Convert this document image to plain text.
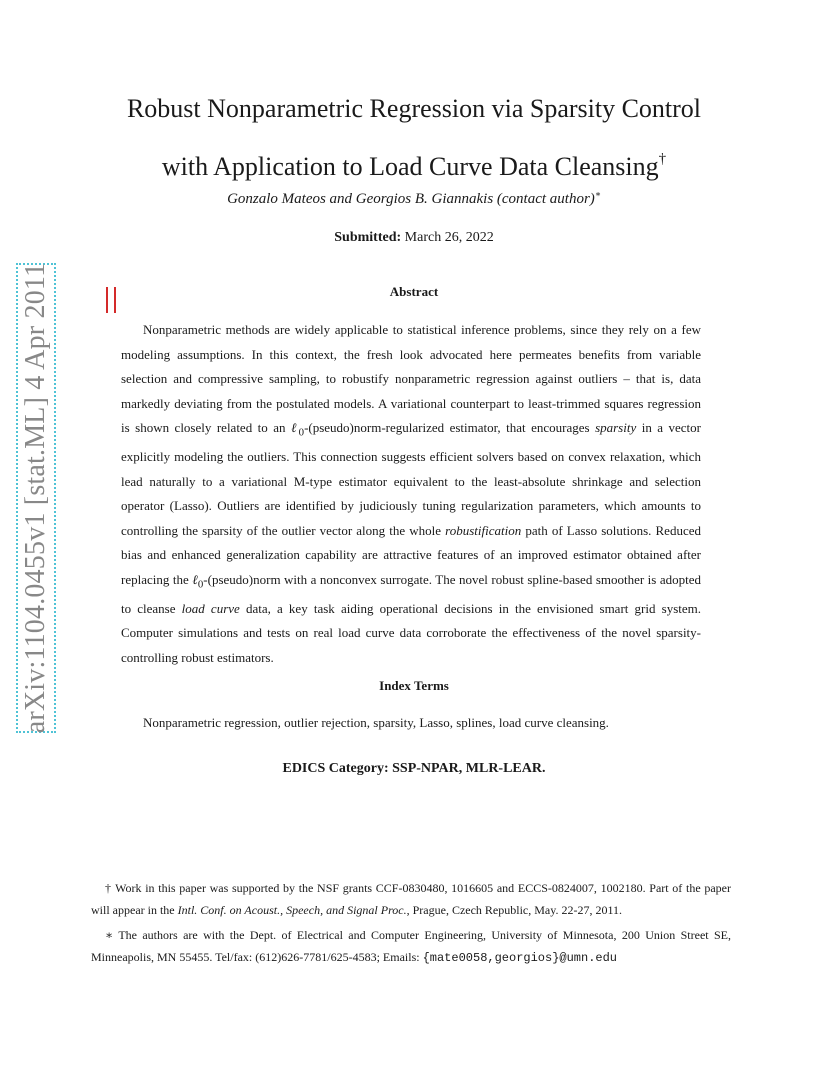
arXiv:1104.0455v1 [stat.ML] 4 Apr 2011
Robust Nonparametric Regression via Sparsity Control
with Application to Load Curve Data Cleansing†
Gonzalo Mateos and Georgios B. Giannakis (contact author)∗
Submitted: March 26, 2022
Abstract

Nonparametric methods are widely applicable to statistical inference problems, since they rely on a few modeling assumptions. In this context, the fresh look advocated here permeates benefits from variable selection and compressive sampling, to robustify nonparametric regression against outliers – that is, data markedly deviating from the postulated models. A variational counterpart to least-trimmed squares regression is shown closely related to an ℓ$_0$-(pseudo)norm-regularized estimator, that encourages sparsity in a vector explicitly modeling the outliers. This connection suggests efficient solvers based on convex relaxation, which lead naturally to a variational M-type estimator equivalent to the least-absolute shrinkage and selection operator (Lasso). Outliers are identified by judiciously tuning regularization parameters, which amounts to controlling the sparsity of the outlier vector along the whole robustification path of Lasso solutions. Reduced bias and enhanced generalization capability are attractive features of an improved estimator obtained after replacing the ℓ$_0$-(pseudo)norm with a nonconvex surrogate. The novel robust spline-based smoother is adopted to cleanse load curve data, a key task aiding operational decisions in the envisioned smart grid system. Computer simulations and tests on real load curve data corroborate the effectiveness of the novel sparsity-controlling robust estimators.

Index Terms
Nonparametric regression, outlier rejection, sparsity, Lasso, splines, load curve cleansing.
EDICS Category: SSP-NPAR, MLR-LEAR.

† Work in this paper was supported by the NSF grants CCF-0830480, 1016605 and ECCS-0824007, 1002180. Part of the paper will appear in the Intl. Conf. on Acoust., Speech, and Signal Proc., Prague, Czech Republic, May. 22-27, 2011.

∗ The authors are with the Dept. of Electrical and Computer Engineering, University of Minnesota, 200 Union Street SE, Minneapolis, MN 55455. Tel/fax: (612)626-7781/625-4583; Emails: {mate0058,georgios}@umn.edu
